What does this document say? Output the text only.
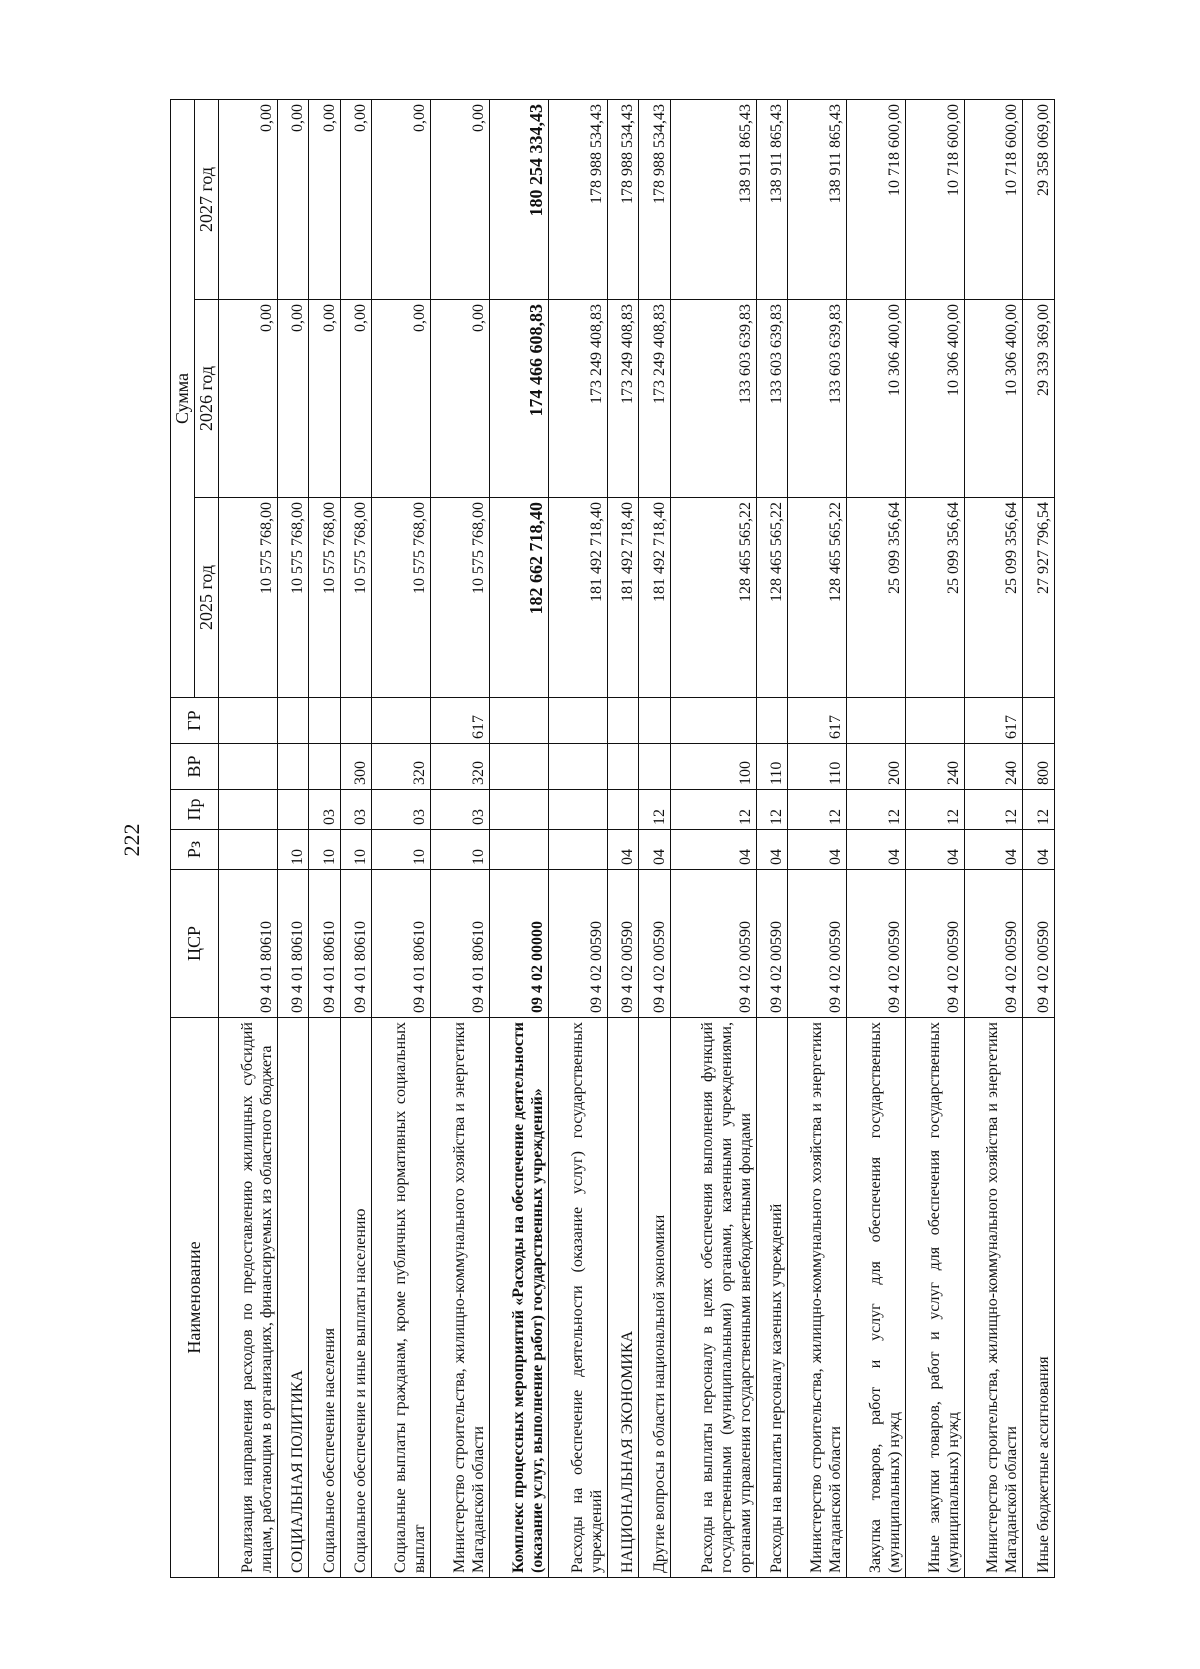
222
Наименование	ЦСР	Рз	Пр	ВР	ГР	Сумма		
						2025 год	2026 год	2027 год
Реализация направления расходов по предоставлению жилищных субсидий лицам, работающим в организациях, финансируемых из областного бюджета	09 4 01 80610					10 575 768,00	0,00	0,00
СОЦИАЛЬНАЯ ПОЛИТИКА	09 4 01 80610	10				10 575 768,00	0,00	0,00
Социальное обеспечение населения	09 4 01 80610	10	03			10 575 768,00	0,00	0,00
Социальное обеспечение и иные выплаты населению	09 4 01 80610	10	03	300		10 575 768,00	0,00	0,00
Социальные выплаты гражданам, кроме публичных нормативных социальных выплат	09 4 01 80610	10	03	320		10 575 768,00	0,00	0,00
Министерство строительства, жилищно-коммунального хозяйства и энергетики Магаданской области	09 4 01 80610	10	03	320	617	10 575 768,00	0,00	0,00
Комплекс процессных мероприятий «Расходы на обеспечение деятельности (оказание услуг, выполнение работ) государственных учреждений»	09 4 02 00000					182 662 718,40	174 466 608,83	180 254 334,43
Расходы на обеспечение деятельности (оказание услуг) государственных учреждений	09 4 02 00590					181 492 718,40	173 249 408,83	178 988 534,43
НАЦИОНАЛЬНАЯ ЭКОНОМИКА	09 4 02 00590	04				181 492 718,40	173 249 408,83	178 988 534,43
Другие вопросы в области национальной экономики	09 4 02 00590	04	12			181 492 718,40	173 249 408,83	178 988 534,43
Расходы на выплаты персоналу в целях обеспечения выполнения функций государственными (муниципальными) органами, казенными учреждениями, органами управления государственными внебюджетными фондами	09 4 02 00590	04	12	100		128 465 565,22	133 603 639,83	138 911 865,43
Расходы на выплаты персоналу казенных учреждений	09 4 02 00590	04	12	110		128 465 565,22	133 603 639,83	138 911 865,43
Министерство строительства, жилищно-коммунального хозяйства и энергетики Магаданской области	09 4 02 00590	04	12	110	617	128 465 565,22	133 603 639,83	138 911 865,43
Закупка товаров, работ и услуг для обеспечения государственных (муниципальных) нужд	09 4 02 00590	04	12	200		25 099 356,64	10 306 400,00	10 718 600,00
Иные закупки товаров, работ и услуг для обеспечения государственных (муниципальных) нужд	09 4 02 00590	04	12	240		25 099 356,64	10 306 400,00	10 718 600,00
Министерство строительства, жилищно-коммунального хозяйства и энергетики Магаданской области	09 4 02 00590	04	12	240	617	25 099 356,64	10 306 400,00	10 718 600,00
Иные бюджетные ассигнования	09 4 02 00590	04	12	800		27 927 796,54	29 339 369,00	29 358 069,00
